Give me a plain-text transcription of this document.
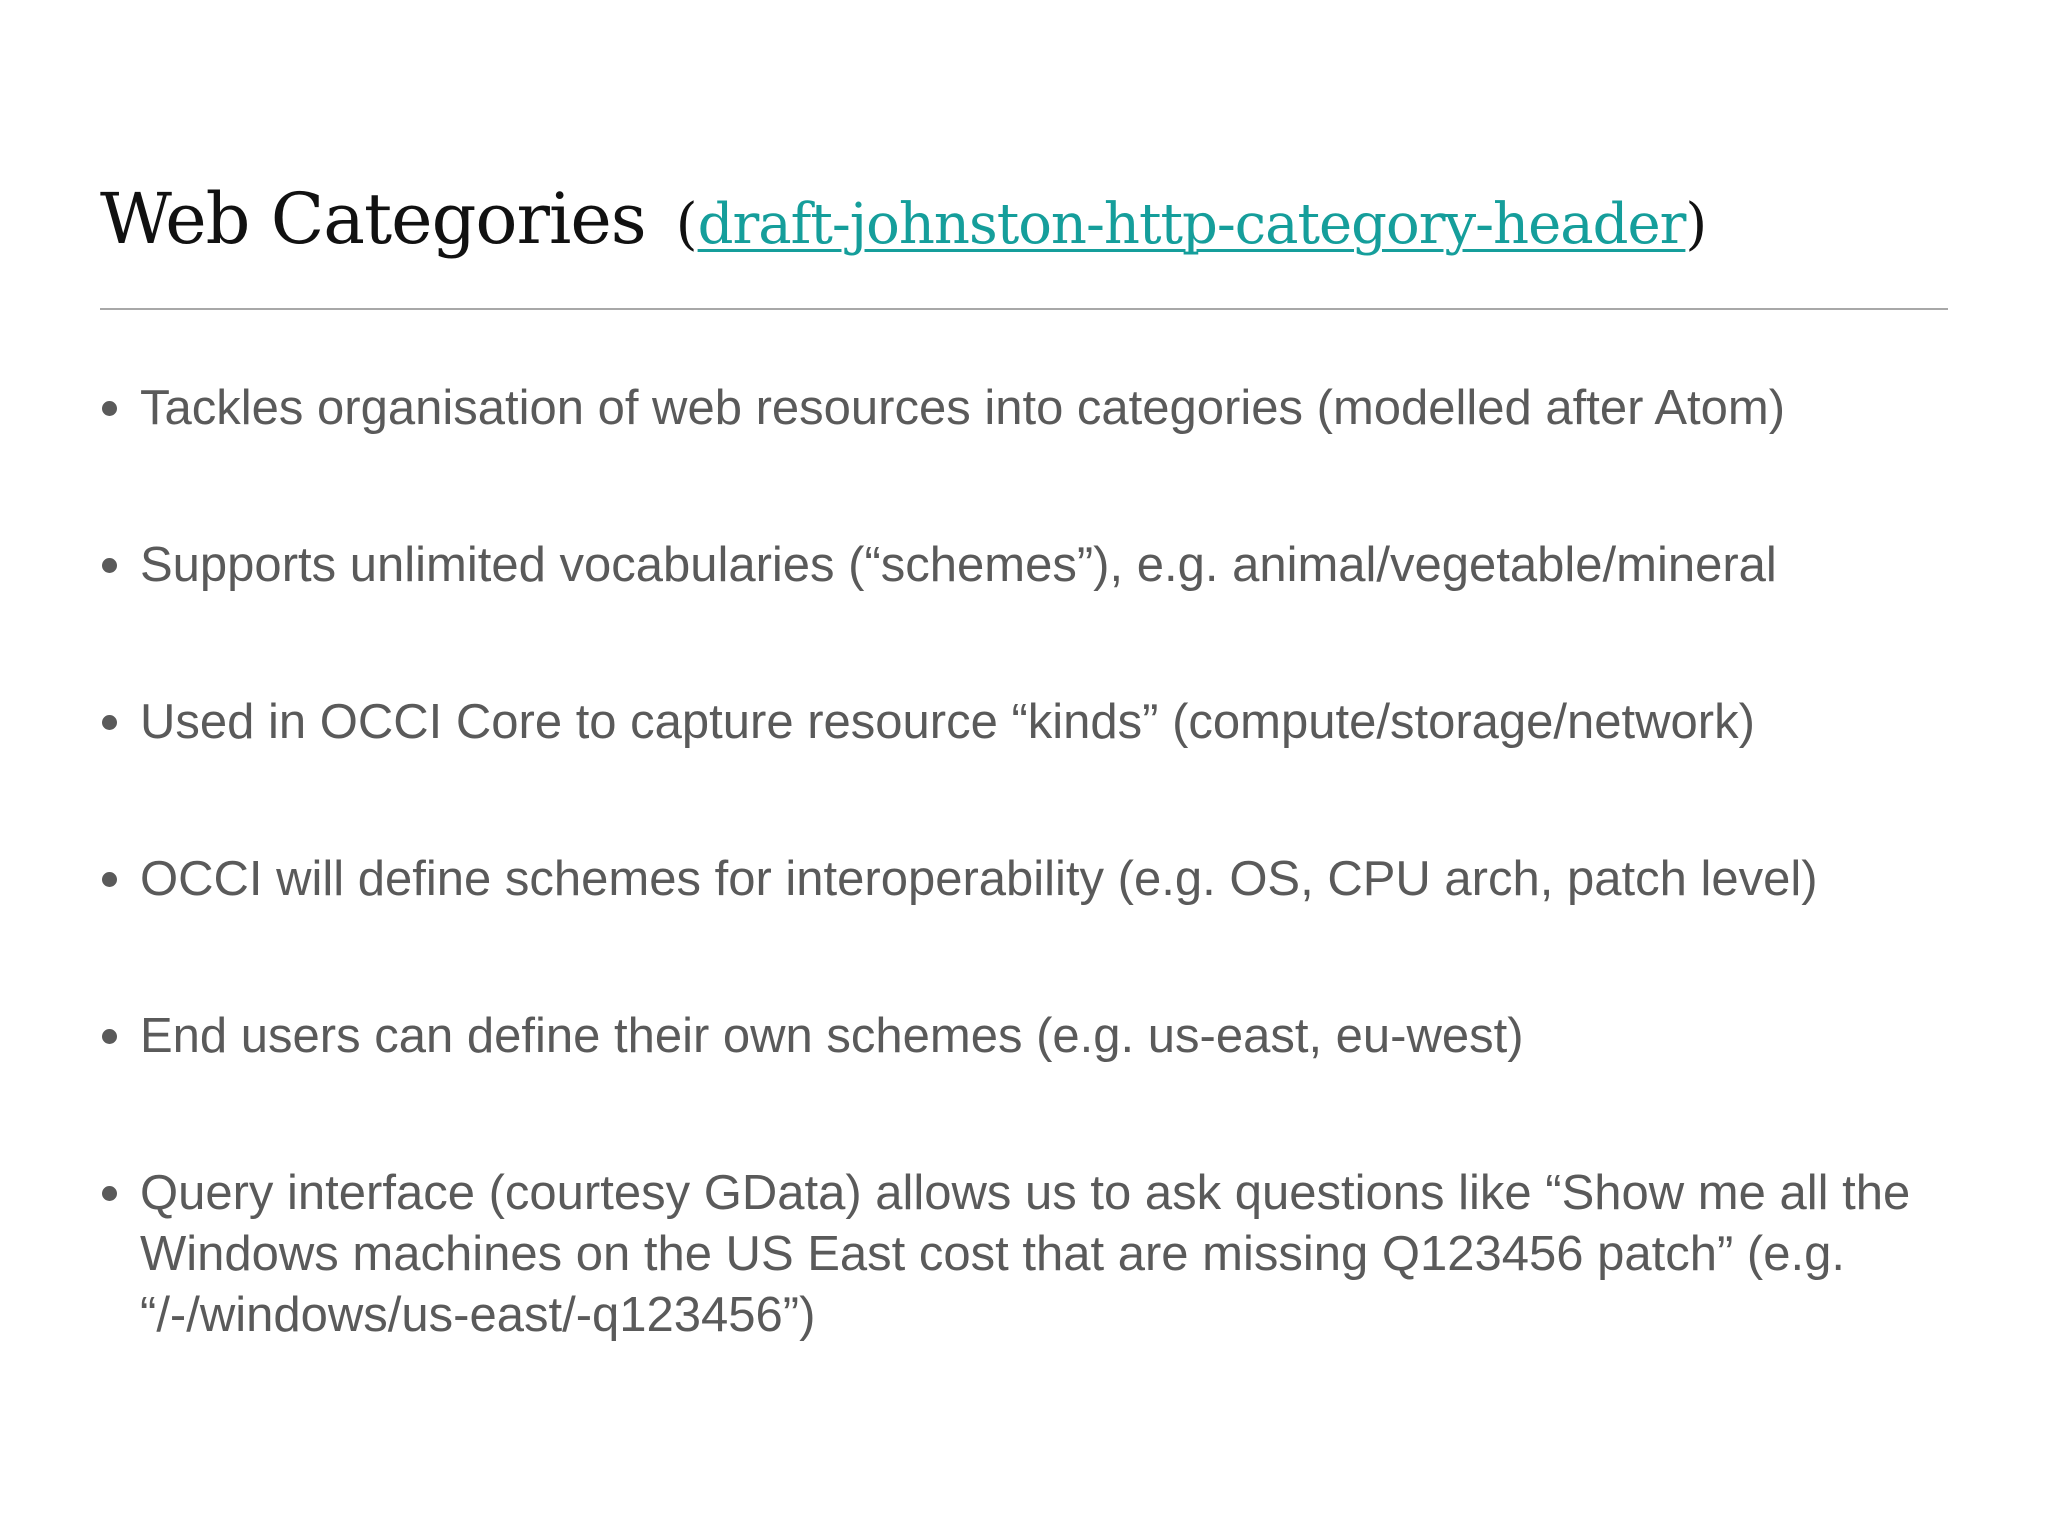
Web Categories (draft-johnston-http-category-header)
Tackles organisation of web resources into categories (modelled after Atom)
Supports unlimited vocabularies (“schemes”), e.g. animal/vegetable/mineral
Used in OCCI Core to capture resource “kinds” (compute/storage/network)
OCCI will define schemes for interoperability (e.g. OS, CPU arch, patch level)
End users can define their own schemes (e.g. us-east, eu-west)
Query interface (courtesy GData) allows us to ask questions like “Show me all the Windows machines on the US East cost that are missing Q123456 patch” (e.g. “/-/windows/us-east/-q123456”)
